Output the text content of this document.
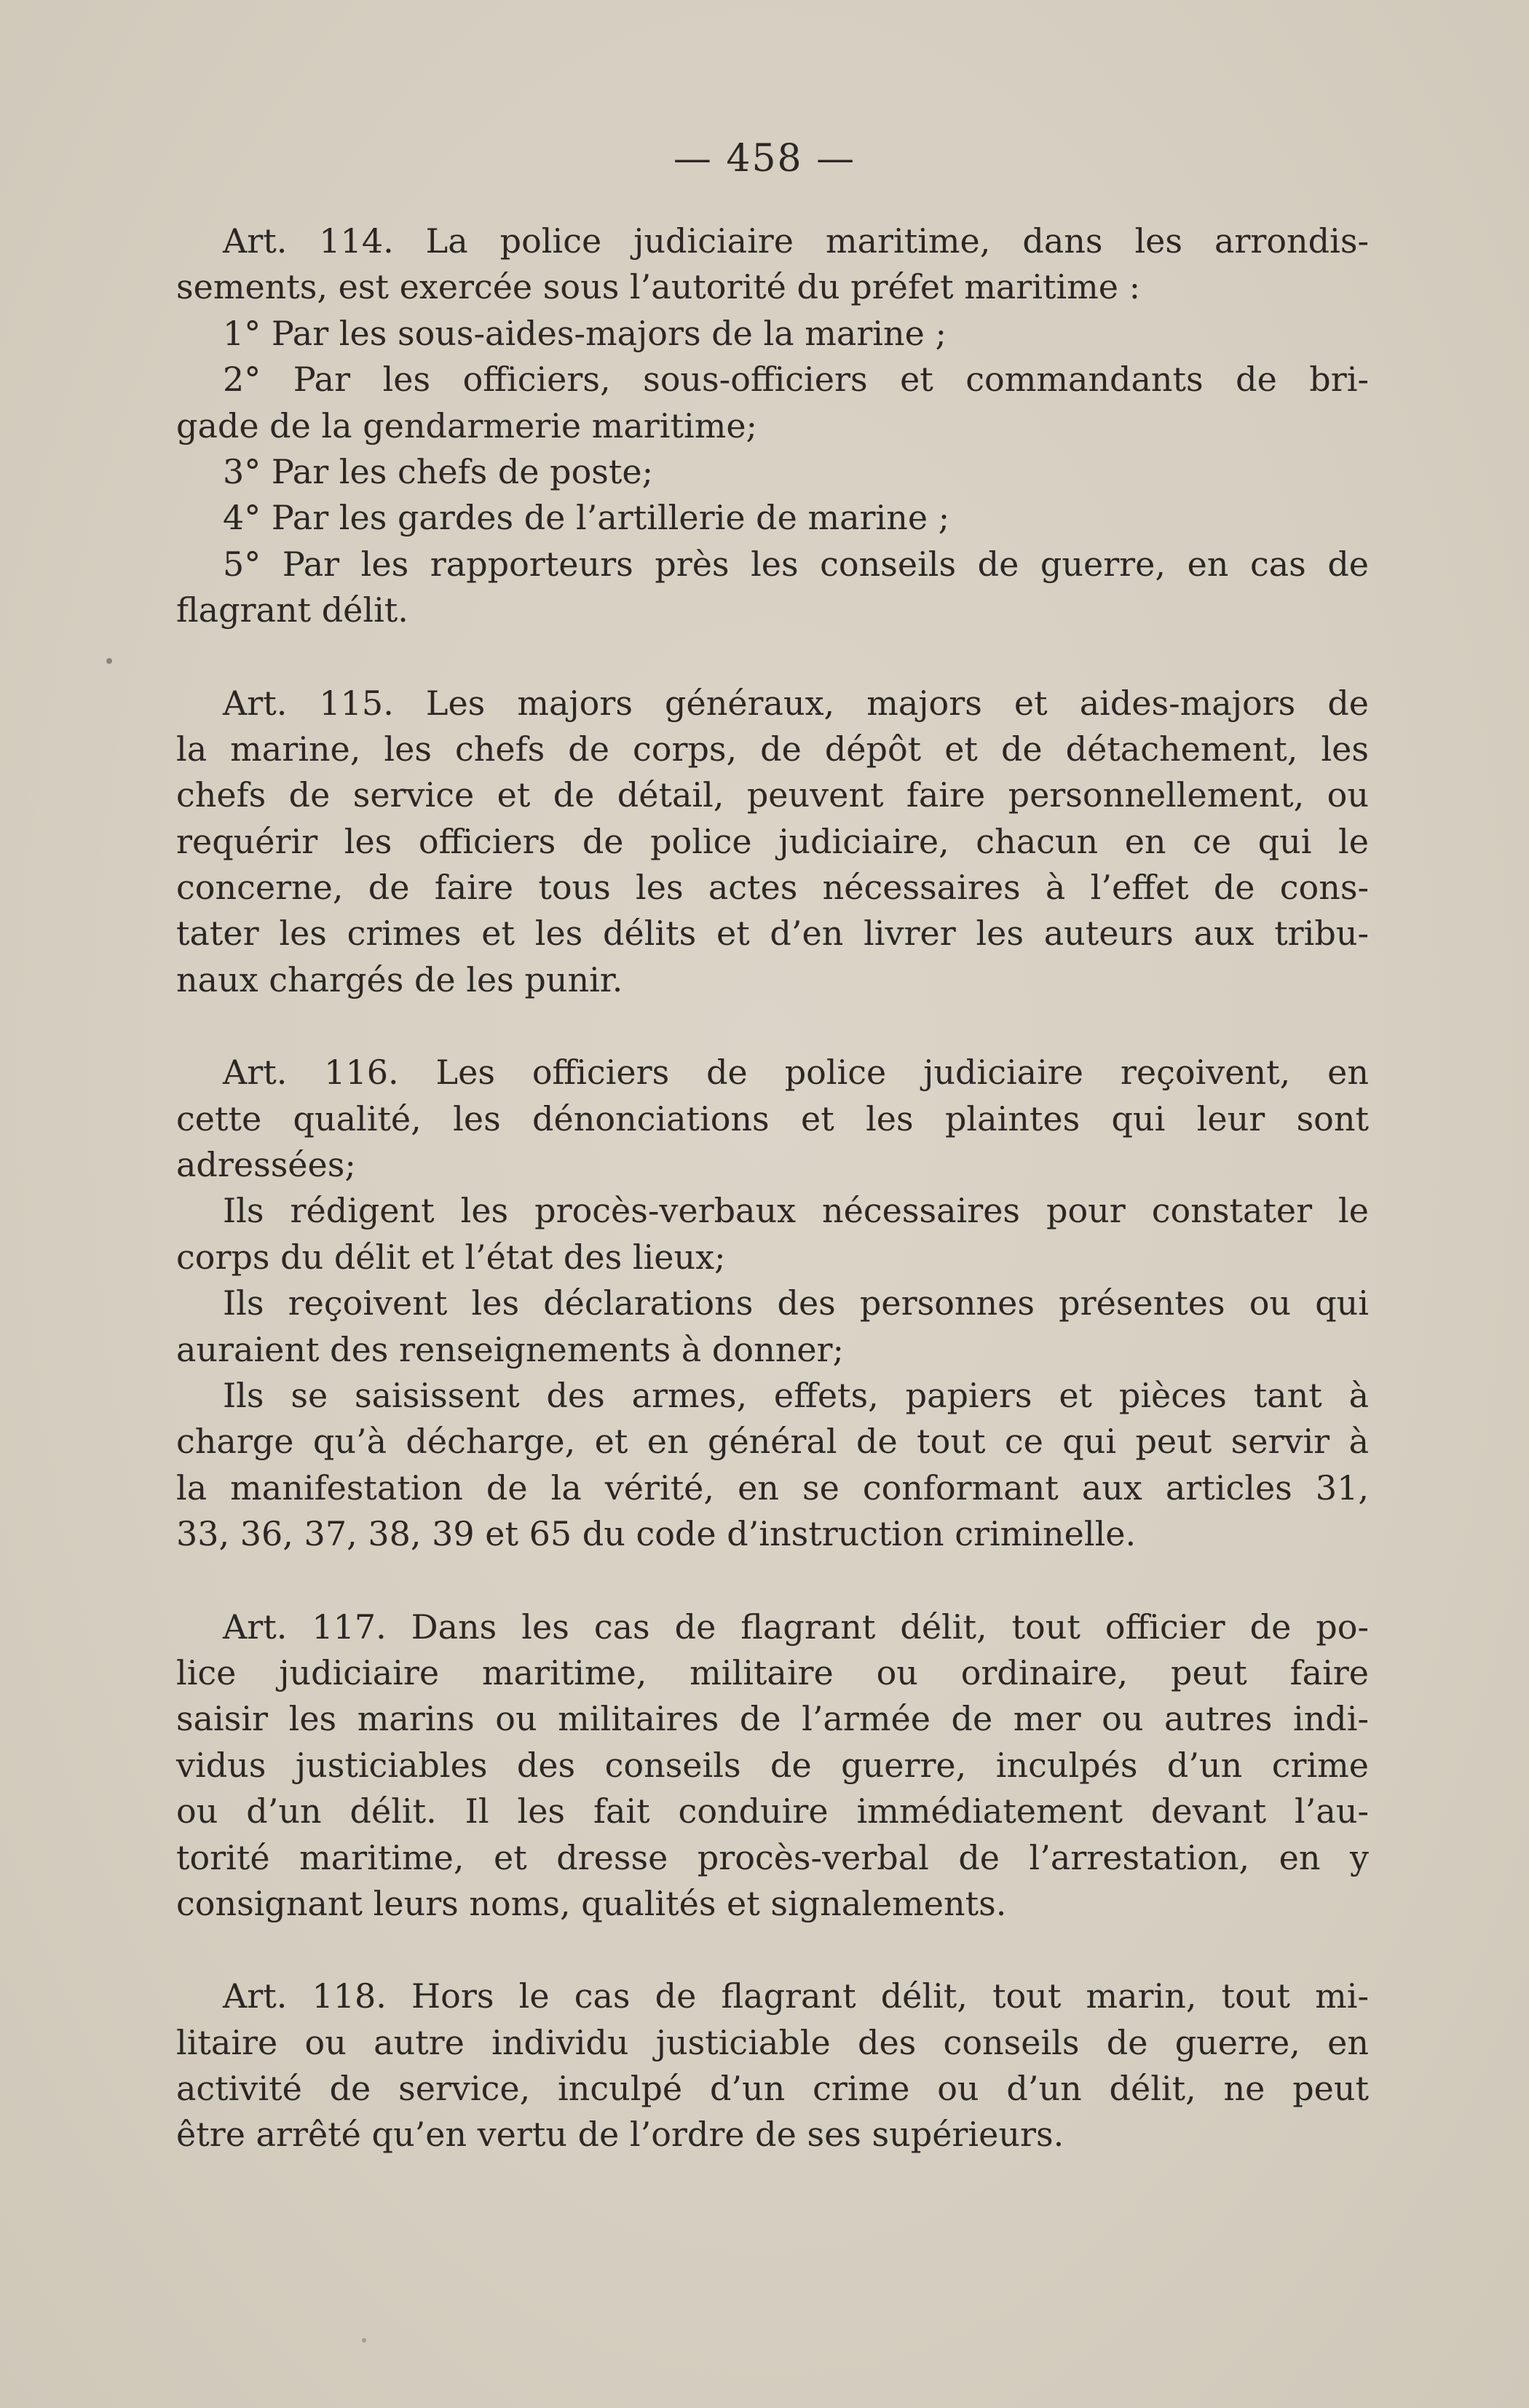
— 458 —
Art. 114. La police judiciaire maritime, dans les arrondis-
sements, est exercée sous l’autorité du préfet maritime :
1° Par les sous-aides-majors de la marine ;
2° Par les officiers, sous-officiers et commandants de bri-
gade de la gendarmerie maritime;
3° Par les chefs de poste;
4° Par les gardes de l’artillerie de marine ;
5° Par les rapporteurs près les conseils de guerre, en cas de
flagrant délit.
Art. 115. Les majors généraux, majors et aides-majors de
la marine, les chefs de corps, de dépôt et de détachement, les
chefs de service et de détail, peuvent faire personnellement, ou
requérir les officiers de police judiciaire, chacun en ce qui le
concerne, de faire tous les actes nécessaires à l’effet de cons-
tater les crimes et les délits et d’en livrer les auteurs aux tribu-
naux chargés de les punir.
Art. 116. Les officiers de police judiciaire reçoivent, en
cette qualité, les dénonciations et les plaintes qui leur sont
adressées;
Ils rédigent les procès-verbaux nécessaires pour constater le
corps du délit et l’état des lieux;
Ils reçoivent les déclarations des personnes présentes ou qui
auraient des renseignements à donner;
Ils se saisissent des armes, effets, papiers et pièces tant à
charge qu’à décharge, et en général de tout ce qui peut servir à
la manifestation de la vérité, en se conformant aux articles 31,
33, 36, 37, 38, 39 et 65 du code d’instruction criminelle.
Art. 117. Dans les cas de flagrant délit, tout officier de po-
lice judiciaire maritime, militaire ou ordinaire, peut faire
saisir les marins ou militaires de l’armée de mer ou autres indi-
vidus justiciables des conseils de guerre, inculpés d’un crime
ou d’un délit. Il les fait conduire immédiatement devant l’au-
torité maritime, et dresse procès-verbal de l’arrestation, en y
consignant leurs noms, qualités et signalements.
Art. 118. Hors le cas de flagrant délit, tout marin, tout mi-
litaire ou autre individu justiciable des conseils de guerre, en
activité de service, inculpé d’un crime ou d’un délit, ne peut
être arrêté qu’en vertu de l’ordre de ses supérieurs.
